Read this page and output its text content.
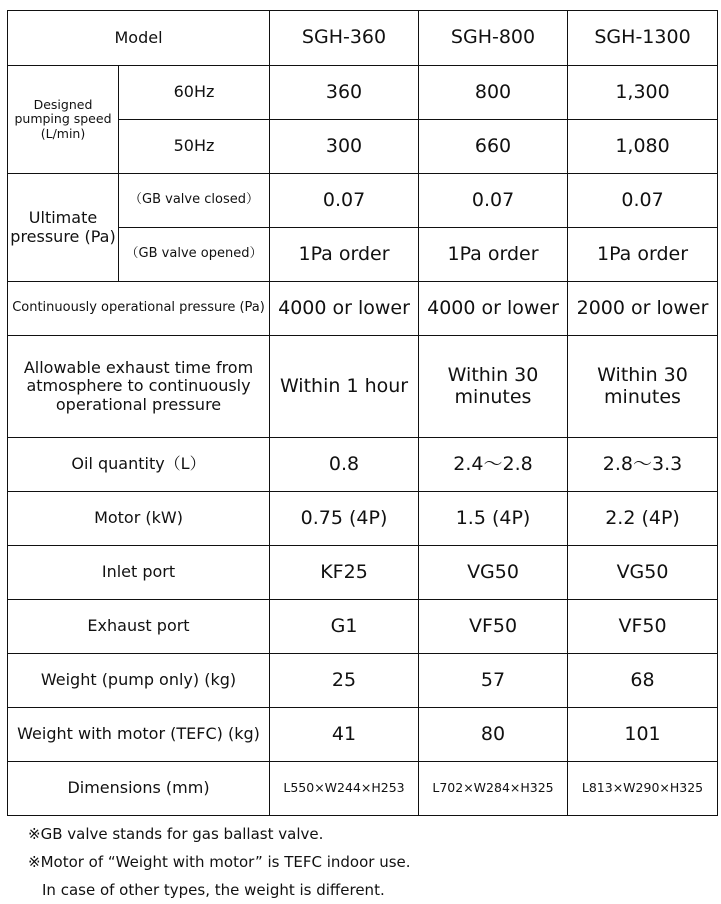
Model		SGH-360	SGH-800	SGH-1300
Designed pumping speed (L/min)	60Hz	360	800	1,300
	50Hz	300	660	1,080
Ultimate pressure (Pa)	（GB valve closed）	0.07	0.07	0.07
	（GB valve opened）	1Pa order	1Pa order	1Pa order
Continuously operational pressure (Pa)		4000 or lower	4000 or lower	2000 or lower
Allowable exhaust time from atmosphere to continuously operational pressure		Within 1 hour	Within 30 minutes	Within 30 minutes
Oil quantity（L）		0.8	2.4～2.8	2.8～3.3
Motor (kW)		0.75 (4P)	1.5 (4P)	2.2 (4P)
Inlet port		KF25	VG50	VG50
Exhaust port		G1	VF50	VF50
Weight (pump only) (kg)		25	57	68
Weight with motor (TEFC) (kg)		41	80	101
Dimensions (mm)		L550×W244×H253	L702×W284×H325	L813×W290×H325
※GB valve stands for gas ballast valve.
※Motor of “Weight with motor” is TEFC indoor use.
In case of other types, the weight is different.
